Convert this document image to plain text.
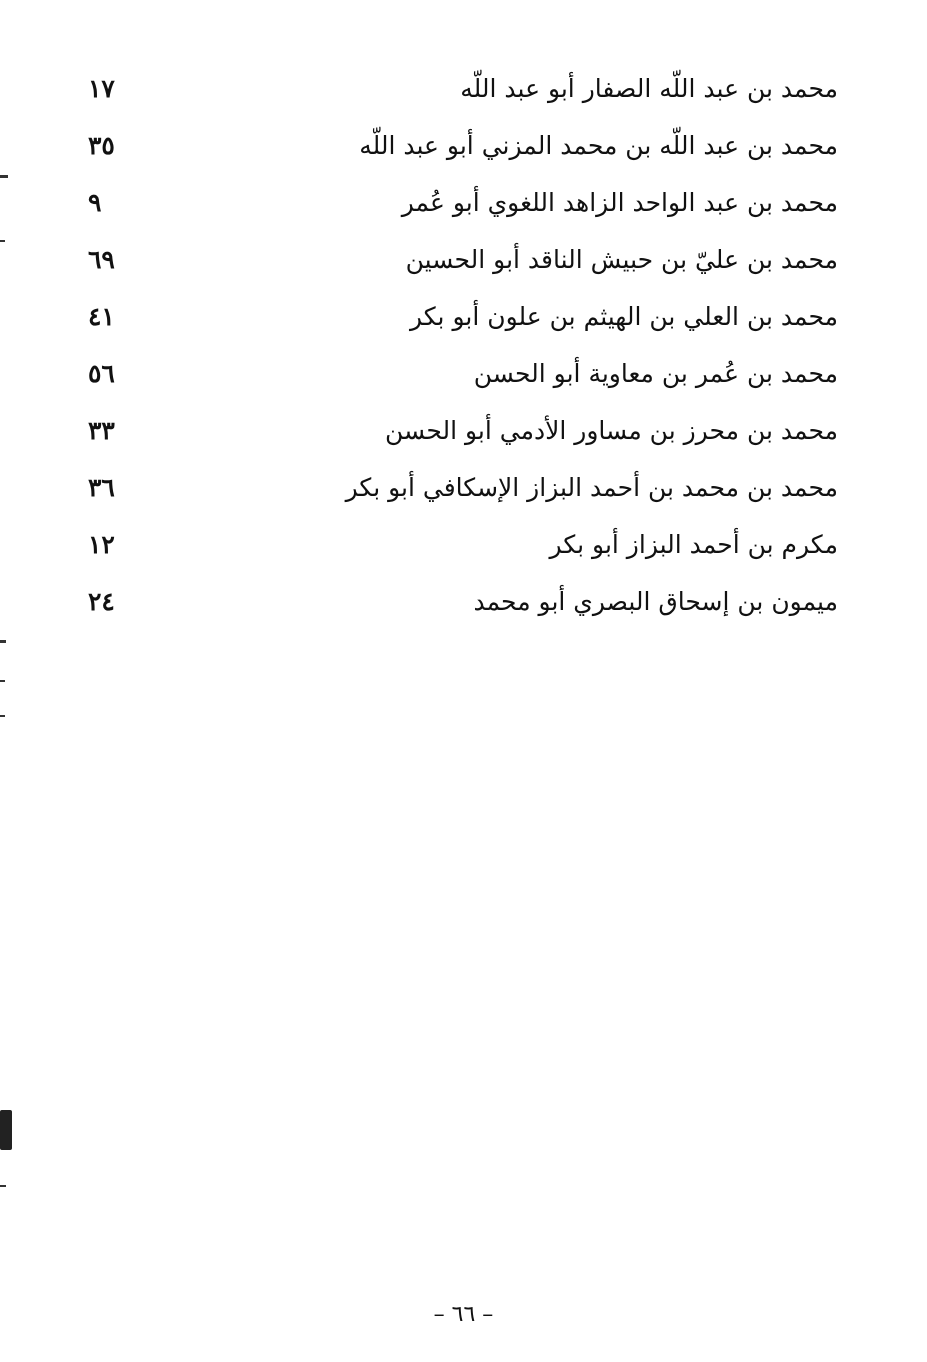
محمد بن عبد اللّه الصفار أبو عبد اللّه
١٧
محمد بن عبد اللّه بن محمد المزني أبو عبد اللّه
٣٥
محمد بن عبد الواحد الزاهد اللغوي أبو عُمر
٩
محمد بن عليّ بن حبيش الناقد أبو الحسين
٦٩
محمد بن العلي بن الهيثم بن علون أبو بكر
٤١
محمد بن عُمر بن معاوية أبو الحسن
٥٦
محمد بن محرز بن مساور الأدمي أبو الحسن
٣٣
محمد بن محمد بن أحمد البزاز الإسكافي أبو بكر
٣٦
مكرم بن أحمد البزاز أبو بكر
١٢
ميمون بن إسحاق البصري أبو محمد
٢٤
– ٦٦ –
